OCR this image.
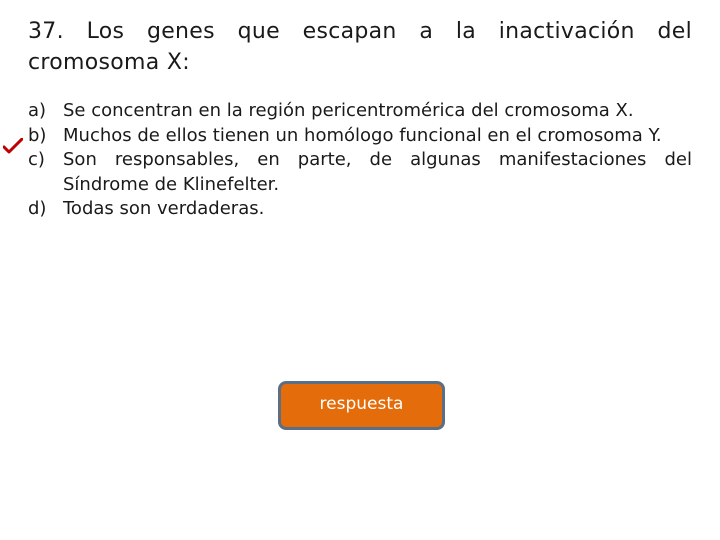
37. Los genes que escapan a la inactivación del cromosoma X:
a) Se concentran en la región pericentromérica del cromosoma X.
b) Muchos de ellos tienen un homólogo funcional en el cromosoma Y.
c) Son responsables, en parte, de algunas manifestaciones del Síndrome de Klinefelter.
d) Todas son verdaderas.
respuesta
